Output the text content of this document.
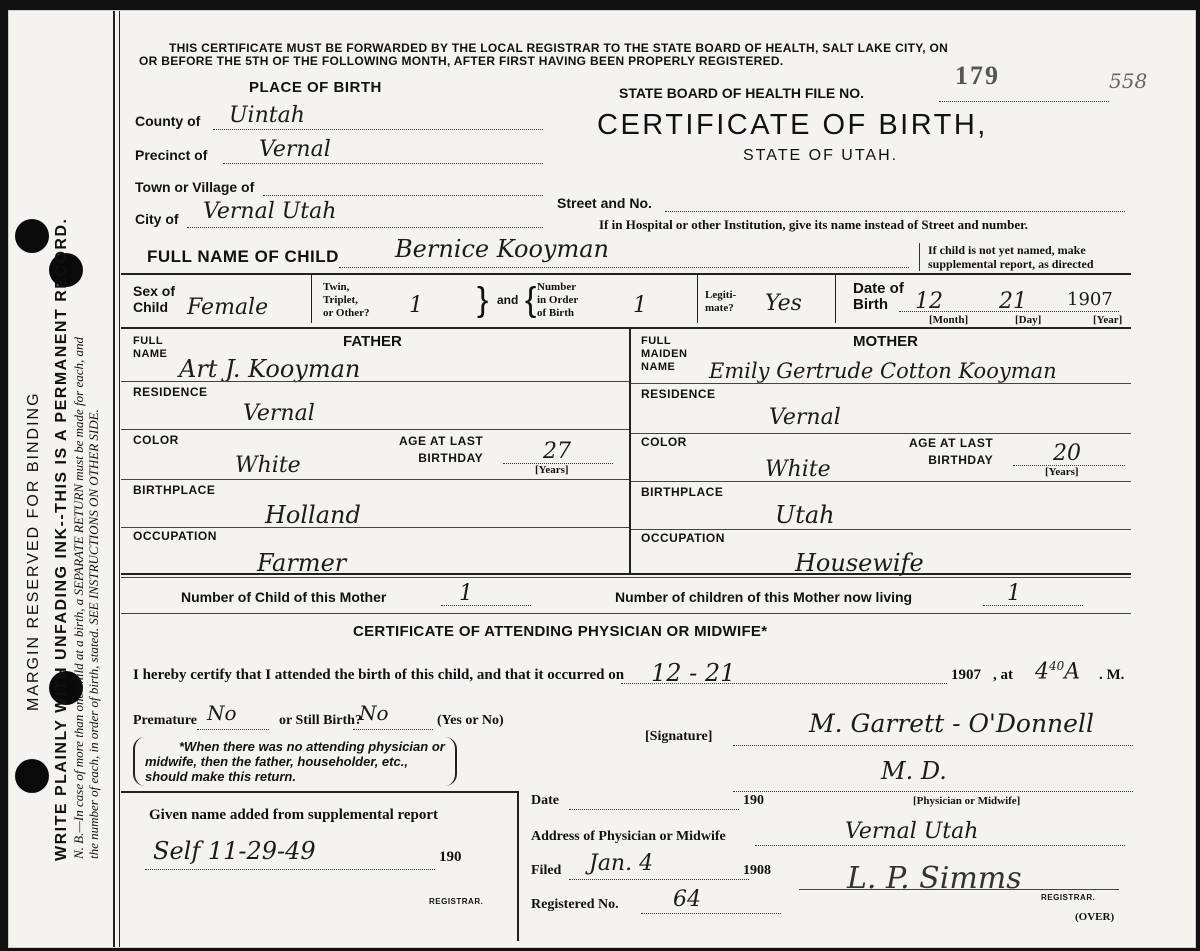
MARGIN RESERVED FOR BINDING WRITE PLAINLY WITH UNFADING INK--THIS IS A PERMANENT RECORD. N. B.—In case of more than one child at a birth, a SEPARATE RETURN must be made for each, and the number of each, in order of birth, stated. SEE INSTRUCTIONS ON OTHER SIDE.
THIS CERTIFICATE MUST BE FORWARDED BY THE LOCAL REGISTRAR TO THE STATE BOARD OF HEALTH, SALT LAKE CITY, ON
OR BEFORE THE 5TH OF THE FOLLOWING MONTH, AFTER FIRST HAVING BEEN PROPERLY REGISTERED.	179	558
PLACE OF BIRTH	STATE BOARD OF HEALTH FILE NO.
CERTIFICATE OF BIRTH,
STATE OF UTAH.
County of Uintah
Precinct of Vernal
Town or Village of
City of Vernal Utah	Street and No.
If in Hospital or other Institution, give its name instead of Street and number.
FULL NAME OF CHILD Bernice Kooyman	If child is not yet named, make
supplemental report, as directed
Sex of
Child Female
Twin,
Triplet,
or Other? 1 } and { Number
in Order
of Birth	1	Legiti-
mate? Yes
Date of
Birth	12	21 1907
[Month]	[Day]	[Year]
FATHER
FULL
NAME
Art J. Kooyman
RESIDENCE
Vernal
COLOR
White
AGE AT LAST
BIRTHDAY	27
[Years]
BIRTHPLACE
Holland
OCCUPATION
Farmer
MOTHER
FULL
MAIDEN
NAME	Emily Gertrude Cotton Kooyman
RESIDENCE
Vernal
COLOR
White
AGE AT LAST
BIRTHDAY	20
[Years]
BIRTHPLACE
Utah
OCCUPATION
Housewife
Number of Child of this Mother	1	Number of children of this Mother now living	1
CERTIFICATE OF ATTENDING PHYSICIAN OR MIDWIFE*
I hereby certify that I attended the birth of this child, and that it occurred on 12 - 21	1907 , at $4^{40}A$ . M.
Premature No	or Still Birth?
No	(Yes or No)
*When there was no attending physician or
midwife, then the father, householder, etc.,
should make this return.
[Signature]	M. Garrett - O'Donnell
M. D.
[Physician or Midwife]
Given name added from supplemental report
Self 11-29-49	190
REGISTRAR.
Date	190
Address of Physician or Midwife	Vernal Utah
Filed Jan. 4	1908	L. P. Simms
REGISTRAR.
Registered No. 64
(OVER)
